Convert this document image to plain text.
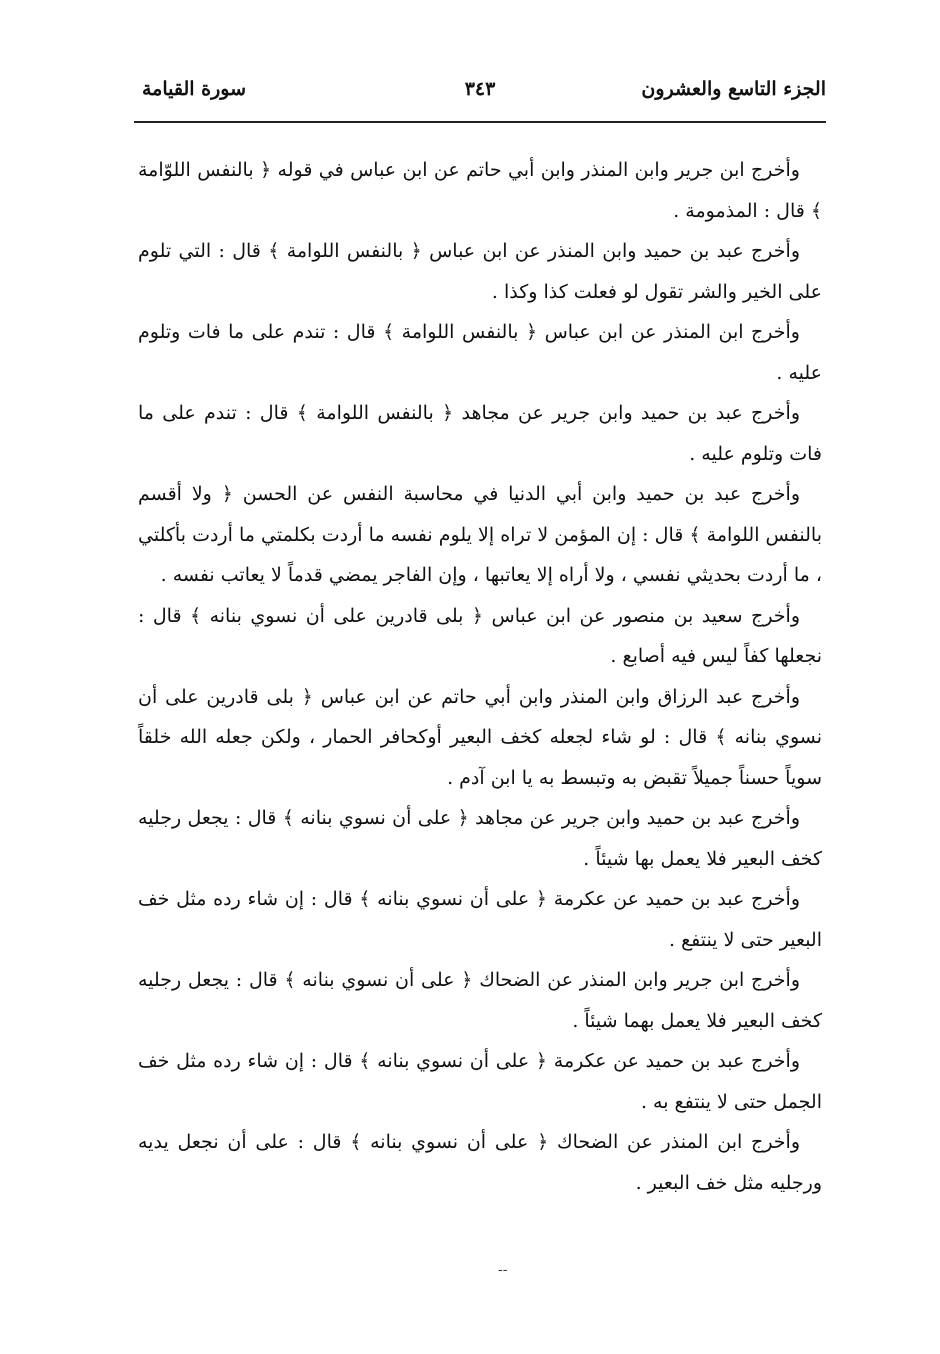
الجزء التاسع والعشرون
٣٤٣
سورة القيامة

وأخرج ابن جرير وابن المنذر وابن أبي حاتم عن ابن عباس في قوله ﴿ بالنفس اللوّامة ﴾ قال : المذمومة .

وأخرج عبد بن حميد وابن المنذر عن ابن عباس ﴿ بالنفس اللوامة ﴾ قال : التي تلوم على الخير والشر تقول لو فعلت كذا وكذا .

وأخرج ابن المنذر عن ابن عباس ﴿ بالنفس اللوامة ﴾ قال : تندم على ما فات وتلوم عليه .

وأخرج عبد بن حميد وابن جرير عن مجاهد ﴿ بالنفس اللوامة ﴾ قال : تندم على ما فات وتلوم عليه .

وأخرج عبد بن حميد وابن أبي الدنيا في محاسبة النفس عن الحسن ﴿ ولا أقسم بالنفس اللوامة ﴾ قال : إن المؤمن لا تراه إلا يلوم نفسه ما أردت بكلمتي ما أردت بأكلتي ، ما أردت بحديثي نفسي ، ولا أراه إلا يعاتبها ، وإن الفاجر يمضي قدماً لا يعاتب نفسه .

وأخرج سعيد بن منصور عن ابن عباس ﴿ بلى قادرين على أن نسوي بنانه ﴾ قال : نجعلها كفاً ليس فيه أصابع .

وأخرج عبد الرزاق وابن المنذر وابن أبي حاتم عن ابن عباس ﴿ بلى قادرين على أن نسوي بنانه ﴾ قال : لو شاء لجعله كخف البعير أوكحافر الحمار ، ولكن جعله الله خلقاً سوياً حسناً جميلاً تقبض به وتبسط به يا ابن آدم .

وأخرج عبد بن حميد وابن جرير عن مجاهد ﴿ على أن نسوي بنانه ﴾ قال : يجعل رجليه كخف البعير فلا يعمل بها شيئاً .

وأخرج عبد بن حميد عن عكرمة ﴿ على أن نسوي بنانه ﴾ قال : إن شاء رده مثل خف البعير حتى لا ينتفع .

وأخرج ابن جرير وابن المنذر عن الضحاك ﴿ على أن نسوي بنانه ﴾ قال : يجعل رجليه كخف البعير فلا يعمل بهما شيئاً .

وأخرج عبد بن حميد عن عكرمة ﴿ على أن نسوي بنانه ﴾ قال : إن شاء رده مثل خف الجمل حتى لا ينتفع به .

وأخرج ابن المنذر عن الضحاك ﴿ على أن نسوي بنانه ﴾ قال : على أن نجعل يديه ورجليه مثل خف البعير .

--
